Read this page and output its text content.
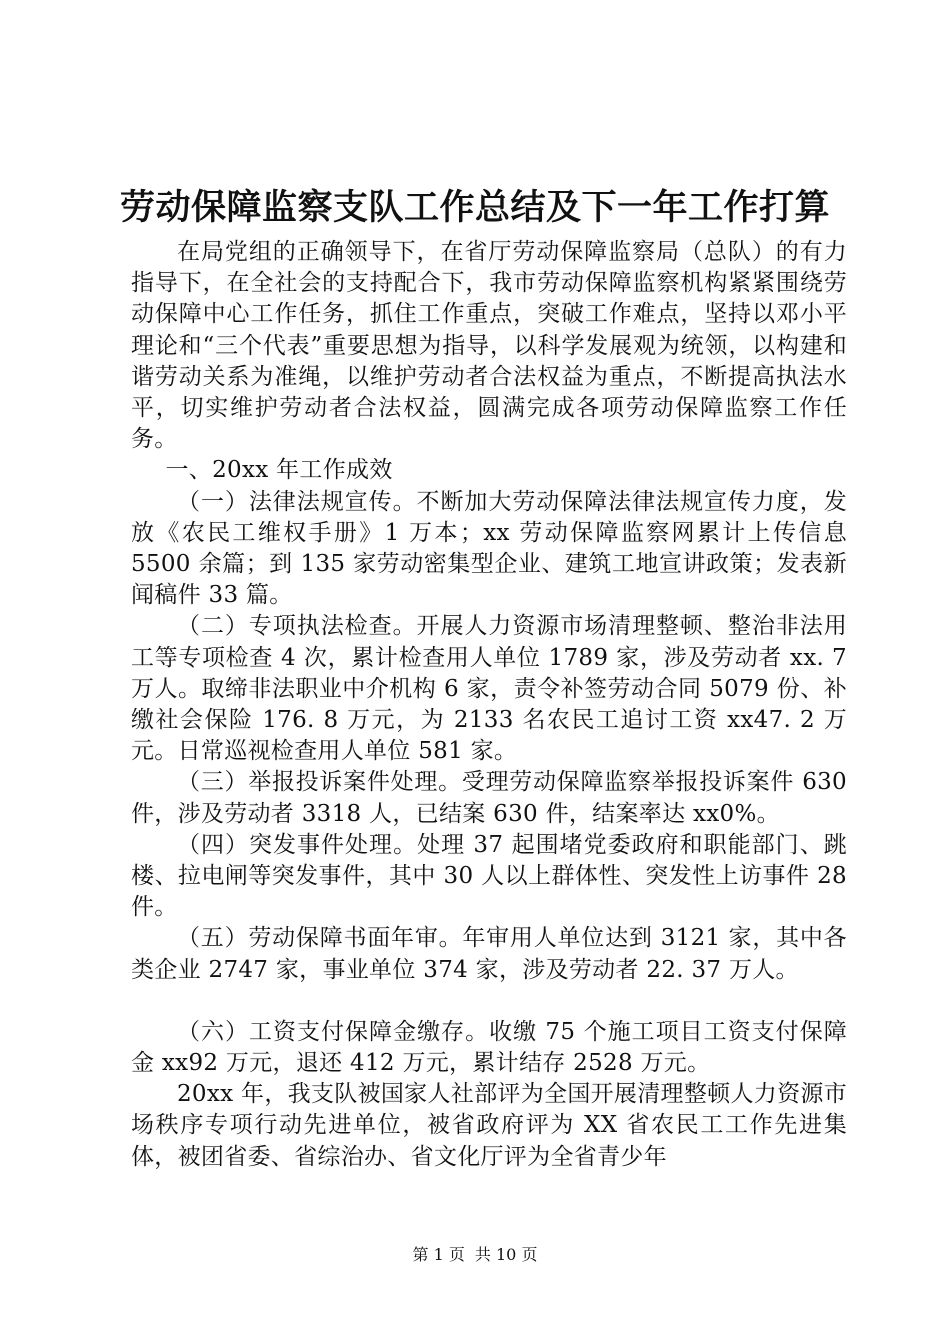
劳动保障监察支队工作总结及下一年工作打算

在局党组的正确领导下，在省厅劳动保障监察局（总队）的有力指导下，在全社会的支持配合下，我市劳动保障监察机构紧紧围绕劳动保障中心工作任务，抓住工作重点，突破工作难点，坚持以邓小平理论和“三个代表”重要思想为指导，以科学发展观为统领，以构建和谐劳动关系为准绳，以维护劳动者合法权益为重点，不断提高执法水平，切实维护劳动者合法权益，圆满完成各项劳动保障监察工作任务。

一、20xx 年工作成效

（一）法律法规宣传。不断加大劳动保障法律法规宣传力度，发放《农民工维权手册》1 万本；xx 劳动保障监察网累计上传信息 5500 余篇；到 135 家劳动密集型企业、建筑工地宣讲政策；发表新闻稿件 33 篇。

（二）专项执法检查。开展人力资源市场清理整顿、整治非法用工等专项检查 4 次，累计检查用人单位 1789 家，涉及劳动者 xx. 7 万人。取缔非法职业中介机构 6 家，责令补签劳动合同 5079 份、补缴社会保险 176. 8 万元，为 2133 名农民工追讨工资 xx47. 2 万元。日常巡视检查用人单位 581 家。

（三）举报投诉案件处理。受理劳动保障监察举报投诉案件 630 件，涉及劳动者 3318 人，已结案 630 件，结案率达 xx0%。

（四）突发事件处理。处理 37 起围堵党委政府和职能部门、跳楼、拉电闸等突发事件，其中 30 人以上群体性、突发性上访事件 28 件。

（五）劳动保障书面年审。年审用人单位达到 3121 家，其中各类企业 2747 家，事业单位 374 家，涉及劳动者 22. 37 万人。

（六）工资支付保障金缴存。收缴 75 个施工项目工资支付保障金 xx92 万元，退还 412 万元，累计结存 2528 万元。

20xx 年，我支队被国家人社部评为全国开展清理整顿人力资源市场秩序专项行动先进单位，被省政府评为 XX 省农民工工作先进集体，被团省委、省综治办、省文化厅评为全省青少年

第 1 页 共 10 页
